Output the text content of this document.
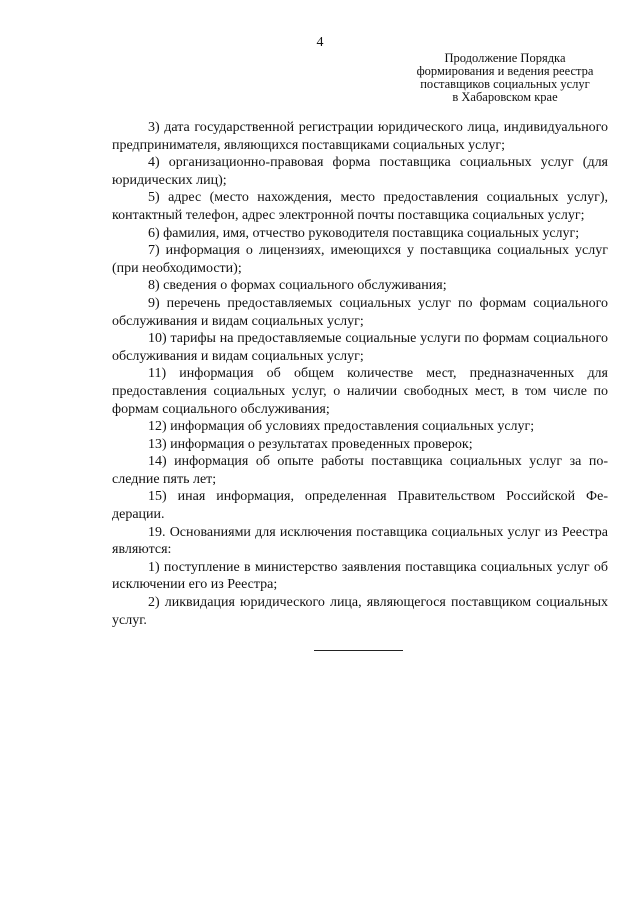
4
Продолжение Порядка
формирования и ведения реестра
поставщиков социальных услуг
в Хабаровском крае

3) дата государственной регистрации юридического лица, индивидуального предпринимателя, являющихся поставщиками социальных услуг;

4) организационно-правовая форма поставщика социальных услуг (для юридических лиц);

5) адрес (место нахождения, место предоставления социальных услуг), контактный телефон, адрес электронной почты поставщика социальных услуг;

6) фамилия, имя, отчество руководителя поставщика социальных услуг;

7) информация о лицензиях, имеющихся у поставщика социальных услуг (при необходимости);

8) сведения о формах социального обслуживания;

9) перечень предоставляемых социальных услуг по формам социального обслуживания и видам социальных услуг;

10) тарифы на предоставляемые социальные услуги по формам социального обслуживания и видам социальных услуг;

11) информация об общем количестве мест, предназначенных для предоставления социальных услуг, о наличии свободных мест, в том числе по формам социального обслуживания;

12) информация об условиях предоставления социальных услуг;

13) информация о результатах проведенных проверок;

14) информация об опыте работы поставщика социальных услуг за последние пять лет;

15) иная информация, определенная Правительством Российской Федерации.

19. Основаниями для исключения поставщика социальных услуг из Реестра являются:

1) поступление в министерство заявления поставщика социальных услуг об исключении его из Реестра;

2) ликвидация юридического лица, являющегося поставщиком социальных услуг.
